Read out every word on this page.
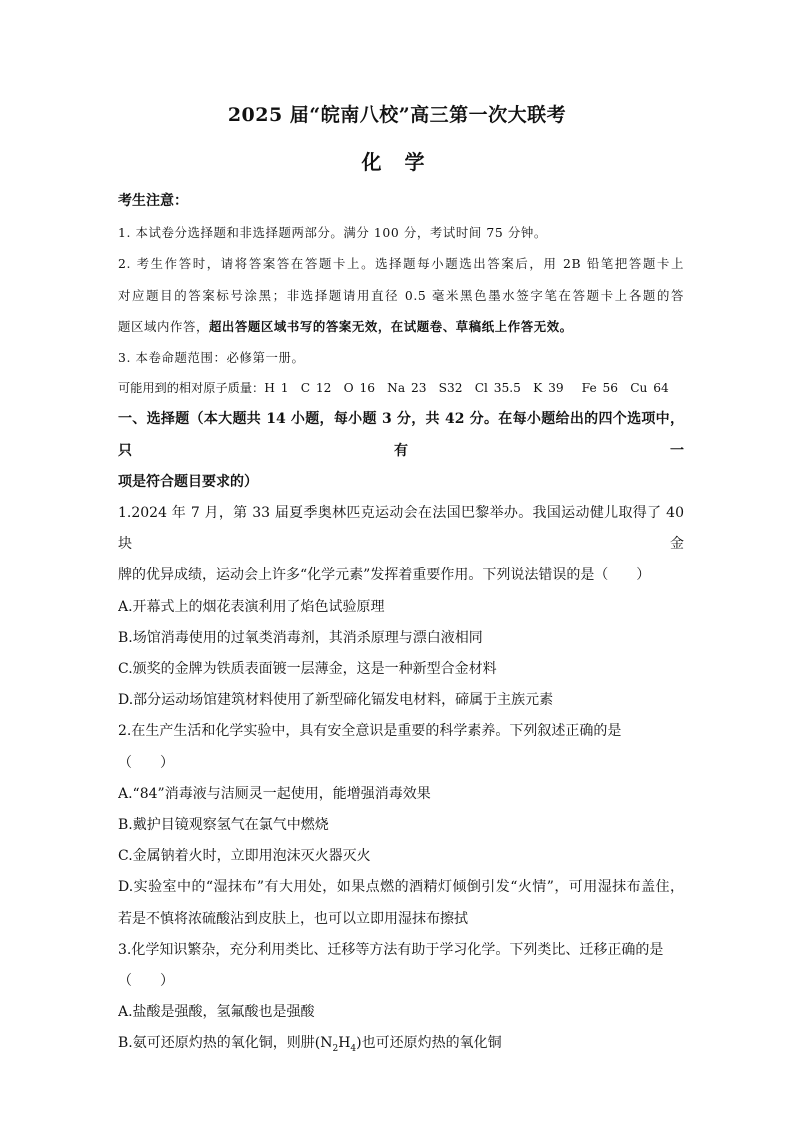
2025 届“皖南八校”高三第一次大联考
化 学
考生注意：
1. 本试卷分选择题和非选择题两部分。满分 100 分，考试时间 75 分钟。
2. 考生作答时，请将答案答在答题卡上。选择题每小题选出答案后，用 2B 铅笔把答题卡上
对应题目的答案标号涂黑；非选择题请用直径 0.5 毫米黑色墨水签字笔在答题卡上各题的答
题区域内作答，超出答题区域书写的答案无效，在试题卷、草稿纸上作答无效。
3. 本卷命题范围：必修第一册。
可能用到的相对原子质量：H 1　C 12　O 16　Na 23　S32　Cl 35.5　K 39　 Fe 56　Cu 64
一、选择题（本大题共 14 小题，每小题 3 分，共 42 分。在每小题给出的四个选项中，只有一
项是符合题目要求的）
1.2024 年 7 月，第 33 届夏季奥林匹克运动会在法国巴黎举办。我国运动健儿取得了 40 块金
牌的优异成绩，运动会上许多“化学元素”发挥着重要作用。下列说法错误的是（　　）
A.开幕式上的烟花表演利用了焰色试验原理
B.场馆消毒使用的过氧类消毒剂，其消杀原理与漂白液相同
C.颁奖的金牌为铁质表面镀一层薄金，这是一种新型合金材料
D.部分运动场馆建筑材料使用了新型碲化镉发电材料，碲属于主族元素
2.在生产生活和化学实验中，具有安全意识是重要的科学素养。下列叙述正确的是
（　　）
A.“84”消毒液与洁厕灵一起使用，能增强消毒效果
B.戴护目镜观察氢气在氯气中燃烧
C.金属钠着火时，立即用泡沫灭火器灭火
D.实验室中的“湿抹布”有大用处，如果点燃的酒精灯倾倒引发“火情”，可用湿抹布盖住，
若是不慎将浓硫酸沾到皮肤上，也可以立即用湿抹布擦拭
3.化学知识繁杂，充分利用类比、迁移等方法有助于学习化学。下列类比、迁移正确的是
（　　）
A.盐酸是强酸，氢氟酸也是强酸
B.氨可还原灼热的氧化铜，则肼$(N_2H_4)$也可还原灼热的氧化铜
